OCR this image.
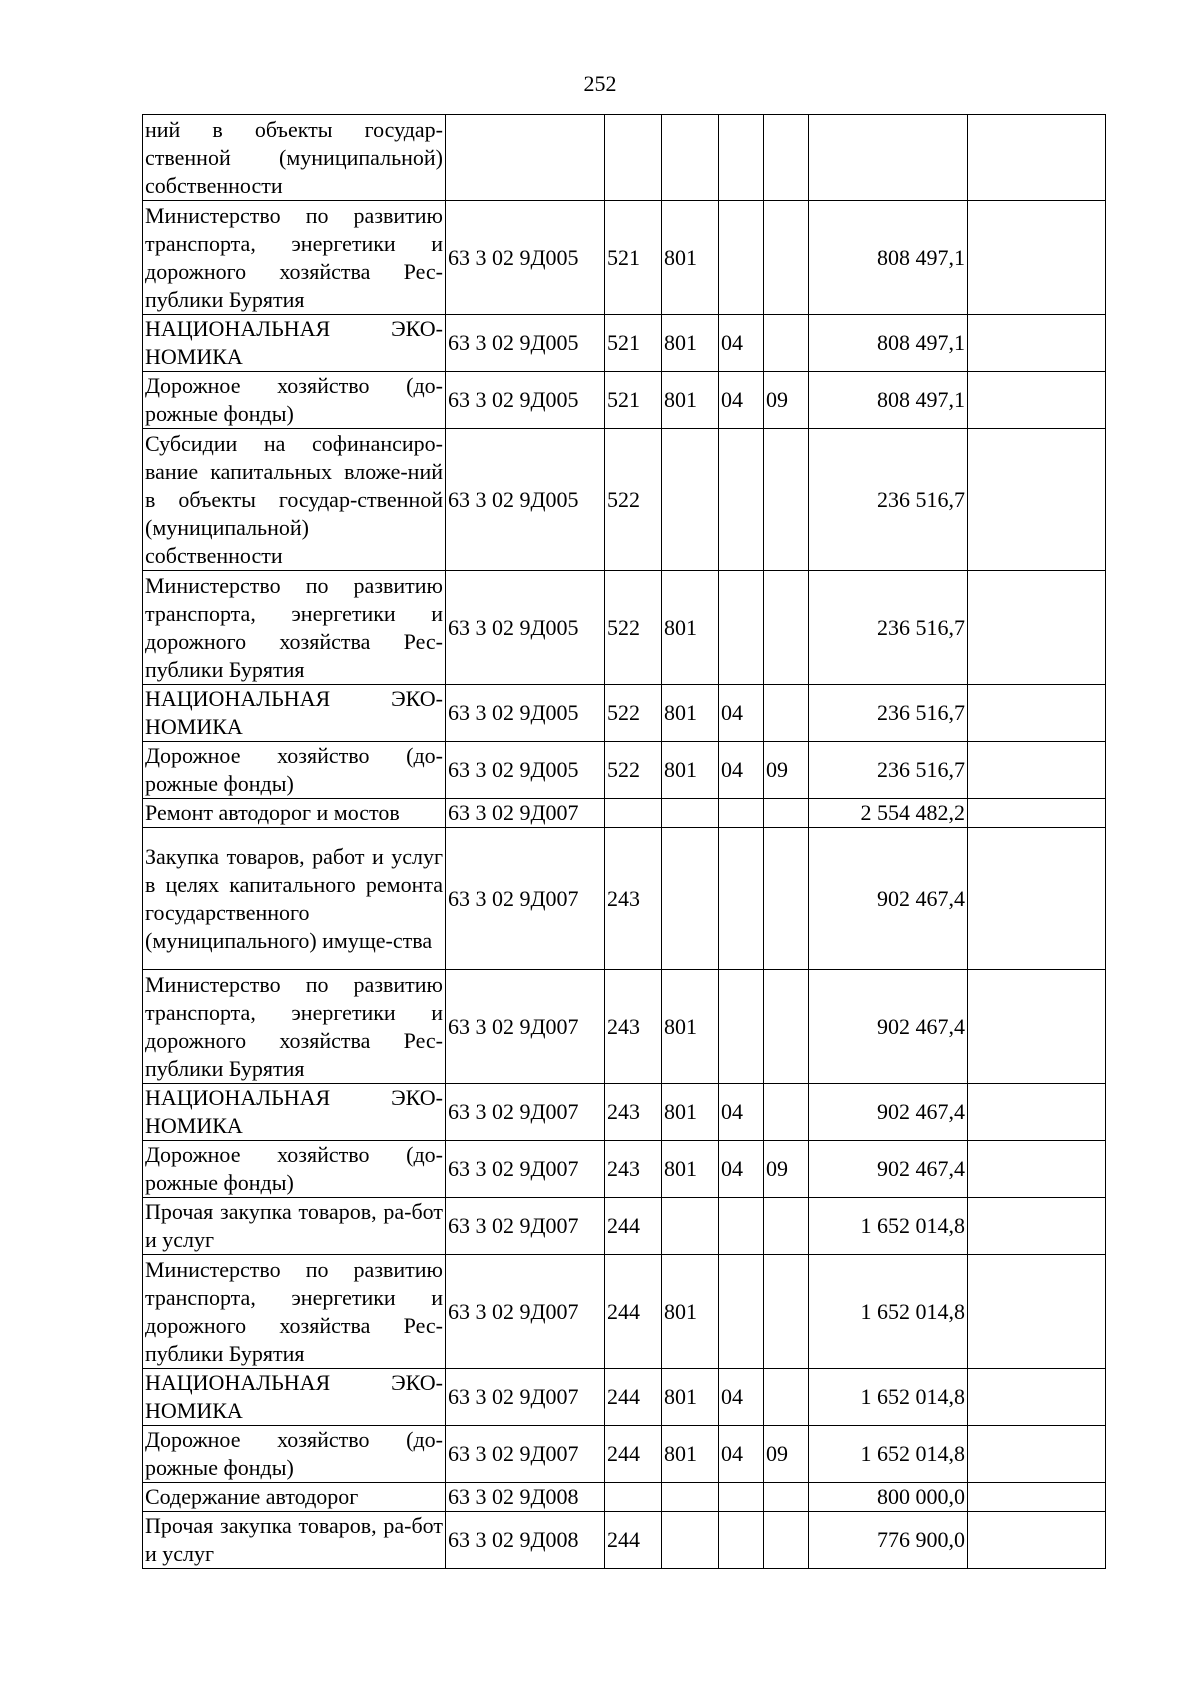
252
ний в объекты государ-ственной (муниципальной) собственности							
Министерство по развитию транспорта, энергетики и дорожного хозяйства Рес-публики Бурятия	63 3 02 9Д005	521	801			808 497,1	
НАЦИОНАЛЬНАЯ ЭКО-НОМИКА	63 3 02 9Д005	521	801	04		808 497,1	
Дорожное хозяйство (до-рожные фонды)	63 3 02 9Д005	521	801	04	09	808 497,1	
Субсидии на софинансиро-вание капитальных вложе-ний в объекты государ-ственной (муниципальной) собственности	63 3 02 9Д005	522				236 516,7	
Министерство по развитию транспорта, энергетики и дорожного хозяйства Рес-публики Бурятия	63 3 02 9Д005	522	801			236 516,7	
НАЦИОНАЛЬНАЯ ЭКО-НОМИКА	63 3 02 9Д005	522	801	04		236 516,7	
Дорожное хозяйство (до-рожные фонды)	63 3 02 9Д005	522	801	04	09	236 516,7	
Ремонт автодорог и мостов	63 3 02 9Д007					2 554 482,2	
Закупка товаров, работ и услуг в целях капитального ремонта государственного (муниципального) имуще-ства	63 3 02 9Д007	243				902 467,4	
Министерство по развитию транспорта, энергетики и дорожного хозяйства Рес-публики Бурятия	63 3 02 9Д007	243	801			902 467,4	
НАЦИОНАЛЬНАЯ ЭКО-НОМИКА	63 3 02 9Д007	243	801	04		902 467,4	
Дорожное хозяйство (до-рожные фонды)	63 3 02 9Д007	243	801	04	09	902 467,4	
Прочая закупка товаров, ра-бот и услуг	63 3 02 9Д007	244				1 652 014,8	
Министерство по развитию транспорта, энергетики и дорожного хозяйства Рес-публики Бурятия	63 3 02 9Д007	244	801			1 652 014,8	
НАЦИОНАЛЬНАЯ ЭКО-НОМИКА	63 3 02 9Д007	244	801	04		1 652 014,8	
Дорожное хозяйство (до-рожные фонды)	63 3 02 9Д007	244	801	04	09	1 652 014,8	
Содержание автодорог	63 3 02 9Д008					800 000,0	
Прочая закупка товаров, ра-бот и услуг	63 3 02 9Д008	244				776 900,0	
